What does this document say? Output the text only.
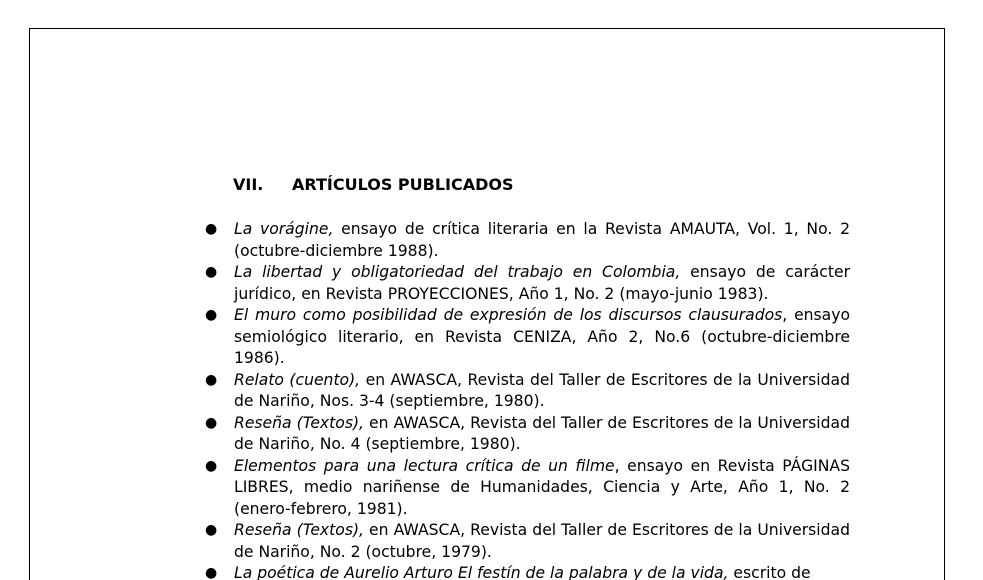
VII. ARTÍCULOS PUBLICADOS
● La vorágine, ensayo de crítica literaria en la Revista AMAUTA, Vol. 1, No. 2 (octubre-diciembre 1988).
● La libertad y obligatoriedad del trabajo en Colombia, ensayo de carácter jurídico, en Revista PROYECCIONES, Año 1, No. 2 (mayo-junio 1983).
● El muro como posibilidad de expresión de los discursos clausurados, ensayo semiológico literario, en Revista CENIZA, Año 2, No.6 (octubre-diciembre 1986).
● Relato (cuento), en AWASCA, Revista del Taller de Escritores de la Universidad de Nariño, Nos. 3-4 (septiembre, 1980).
● Reseña (Textos), en AWASCA, Revista del Taller de Escritores de la Universidad de Nariño, No. 4 (septiembre, 1980).
● Elementos para una lectura crítica de un filme, ensayo en Revista PÁGINAS LIBRES, medio nariñense de Humanidades, Ciencia y Arte, Año 1, No. 2 (enero-febrero, 1981).
● Reseña (Textos), en AWASCA, Revista del Taller de Escritores de la Universidad de Nariño, No. 2 (octubre, 1979).
● La poética de Aurelio Arturo El festín de la palabra y de la vida, escrito de
